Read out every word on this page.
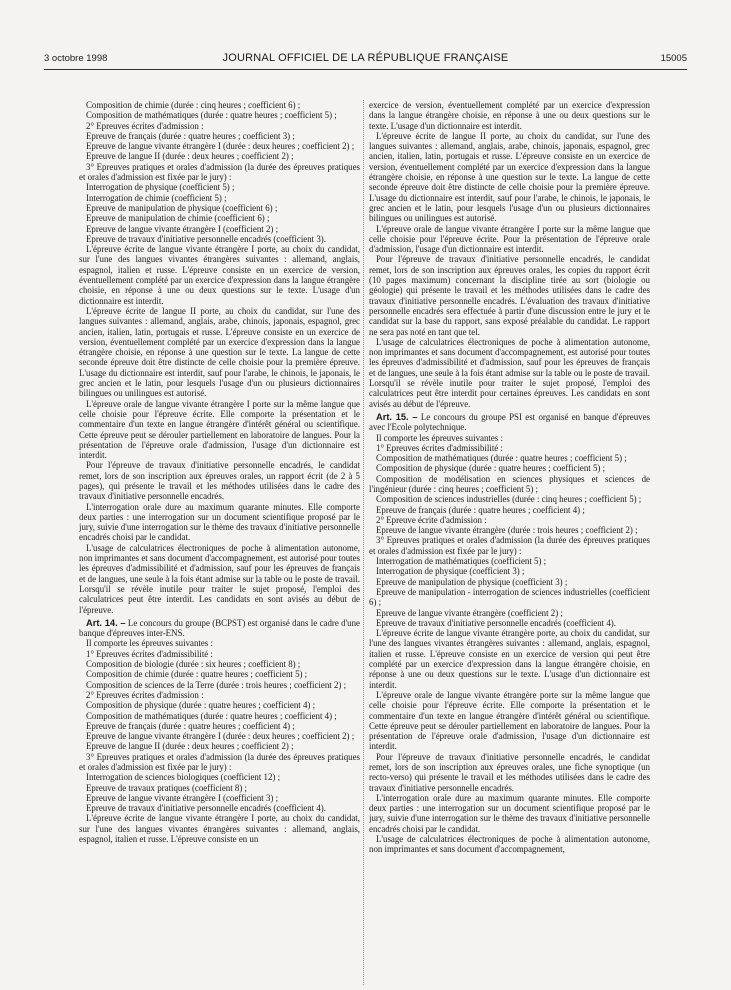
3 octobre 1998	JOURNAL OFFICIEL DE LA RÉPUBLIQUE FRANÇAISE	15005

Composition de chimie (durée : cinq heures ; coefficient 6) ;

Composition de mathématiques (durée : quatre heures ; coefficient 5) ;

2° Epreuves écrites d'admission :

Epreuve de français (durée : quatre heures ; coefficient 3) ;

Epreuve de langue vivante étrangère I (durée : deux heures ; coefficient 2) ;

Epreuve de langue II (durée : deux heures ; coefficient 2) ;

3° Epreuves pratiques et orales d'admission (la durée des épreuves pratiques et orales d'admission est fixée par le jury) :

Interrogation de physique (coefficient 5) ;

Interrogation de chimie (coefficient 5) ;

Epreuve de manipulation de physique (coefficient 6) ;

Epreuve de manipulation de chimie (coefficient 6) ;

Epreuve de langue vivante étrangère I (coefficient 2) ;

Epreuve de travaux d'initiative personnelle encadrés (coefficient 3).

L'épreuve écrite de langue vivante étrangère I porte, au choix du candidat, sur l'une des langues vivantes étrangères suivantes : allemand, anglais, espagnol, italien et russe. L'épreuve consiste en un exercice de version, éventuellement complété par un exercice d'expression dans la langue étrangère choisie, en réponse à une ou deux questions sur le texte. L'usage d'un dictionnaire est interdit.

L'épreuve écrite de langue II porte, au choix du candidat, sur l'une des langues suivantes : allemand, anglais, arabe, chinois, japonais, espagnol, grec ancien, italien, latin, portugais et russe. L'épreuve consiste en un exercice de version, éventuellement complété par un exercice d'expression dans la langue étrangère choisie, en réponse à une question sur le texte. La langue de cette seconde épreuve doit être distincte de celle choisie pour la première épreuve. L'usage du dictionnaire est interdit, sauf pour l'arabe, le chinois, le japonais, le grec ancien et le latin, pour lesquels l'usage d'un ou plusieurs dictionnaires bilingues ou unilingues est autorisé.

L'épreuve orale de langue vivante étrangère I porte sur la même langue que celle choisie pour l'épreuve écrite. Elle comporte la présentation et le commentaire d'un texte en langue étrangère d'intérêt général ou scientifique. Cette épreuve peut se dérouler partiellement en laboratoire de langues. Pour la présentation de l'épreuve orale d'admission, l'usage d'un dictionnaire est interdit.

Pour l'épreuve de travaux d'initiative personnelle encadrés, le candidat remet, lors de son inscription aux épreuves orales, un rapport écrit (de 2 à 5 pages), qui présente le travail et les méthodes utilisées dans le cadre des travaux d'initiative personnelle encadrés.

L'interrogation orale dure au maximum quarante minutes. Elle comporte deux parties : une interrogation sur un document scientifique proposé par le jury, suivie d'une interrogation sur le thème des travaux d'initiative personnelle encadrés choisi par le candidat.

L'usage de calculatrices électroniques de poche à alimentation autonome, non imprimantes et sans document d'accompagnement, est autorisé pour toutes les épreuves d'admissibilité et d'admission, sauf pour les épreuves de français et de langues, une seule à la fois étant admise sur la table ou le poste de travail. Lorsqu'il se révèle inutile pour traiter le sujet proposé, l'emploi des calculatrices peut être interdit. Les candidats en sont avisés au début de l'épreuve.

Art. 14. – Le concours du groupe (BCPST) est organisé dans le cadre d'une banque d'épreuves inter-ENS.

Il comporte les épreuves suivantes :

1° Epreuves écrites d'admissibilité :

Composition de biologie (durée : six heures ; coefficient 8) ;

Composition de chimie (durée : quatre heures ; coefficient 5) ;

Composition de sciences de la Terre (durée : trois heures ; coefficient 2) ;

2° Epreuves écrites d'admission :

Composition de physique (durée : quatre heures ; coefficient 4) ;

Composition de mathématiques (durée : quatre heures ; coefficient 4) ;

Epreuve de français (durée : quatre heures ; coefficient 4) ;

Epreuve de langue vivante étrangère I (durée : deux heures ; coefficient 2) ;

Epreuve de langue II (durée : deux heures ; coefficient 2) ;

3° Epreuves pratiques et orales d'admission (la durée des épreuves pratiques et orales d'admission est fixée par le jury) :

Interrogation de sciences biologiques (coefficient 12) ;

Epreuve de travaux pratiques (coefficient 8) ;

Epreuve de langue vivante étrangère I (coefficient 3) ;

Epreuve de travaux d'initiative personnelle encadrés (coefficient 4).

L'épreuve écrite de langue vivante étrangère I porte, au choix du candidat, sur l'une des langues vivantes étrangères suivantes : allemand, anglais, espagnol, italien et russe. L'épreuve consiste en un

exercice de version, éventuellement complété par un exercice d'expression dans la langue étrangère choisie, en réponse à une ou deux questions sur le texte. L'usage d'un dictionnaire est interdit.

L'épreuve écrite de langue II porte, au choix du candidat, sur l'une des langues suivantes : allemand, anglais, arabe, chinois, japonais, espagnol, grec ancien, italien, latin, portugais et russe. L'épreuve consiste en un exercice de version, éventuellement complété par un exercice d'expression dans la langue étrangère choisie, en réponse à une question sur le texte. La langue de cette seconde épreuve doit être distincte de celle choisie pour la première épreuve. L'usage du dictionnaire est interdit, sauf pour l'arabe, le chinois, le japonais, le grec ancien et le latin, pour lesquels l'usage d'un ou plusieurs dictionnaires bilingues ou unilingues est autorisé.

L'épreuve orale de langue vivante étrangère I porte sur la même langue que celle choisie pour l'épreuve écrite. Pour la présentation de l'épreuve orale d'admission, l'usage d'un dictionnaire est interdit.

Pour l'épreuve de travaux d'initiative personnelle encadrés, le candidat remet, lors de son inscription aux épreuves orales, les copies du rapport écrit (10 pages maximum) concernant la discipline tirée au sort (biologie ou géologie) qui présente le travail et les méthodes utilisées dans le cadre des travaux d'initiative personnelle encadrés. L'évaluation des travaux d'initiative personnelle encadrés sera effectuée à partir d'une discussion entre le jury et le candidat sur la base du rapport, sans exposé préalable du candidat. Le rapport ne sera pas noté en tant que tel.

L'usage de calculatrices électroniques de poche à alimentation autonome, non imprimantes et sans document d'accompagnement, est autorisé pour toutes les épreuves d'admissibilité et d'admission, sauf pour les épreuves de français et de langues, une seule à la fois étant admise sur la table ou le poste de travail. Lorsqu'il se révèle inutile pour traiter le sujet proposé, l'emploi des calculatrices peut être interdit pour certaines épreuves. Les candidats en sont avisés au début de l'épreuve.

Art. 15. – Le concours du groupe PSI est organisé en banque d'épreuves avec l'Ecole polytechnique.

Il comporte les épreuves suivantes :

1° Epreuves écrites d'admissibilité :

Composition de mathématiques (durée : quatre heures ; coefficient 5) ;

Composition de physique (durée : quatre heures ; coefficient 5) ;

Composition de modélisation en sciences physiques et sciences de l'ingénieur (durée : cinq heures ; coefficient 5) ;

Composition de sciences industrielles (durée : cinq heures ; coefficient 5) ;

Epreuve de français (durée : quatre heures ; coefficient 4) ;

2° Epreuve écrite d'admission :

Epreuve de langue vivante étrangère (durée : trois heures ; coefficient 2) ;

3° Epreuves pratiques et orales d'admission (la durée des épreuves pratiques et orales d'admission est fixée par le jury) :

Interrogation de mathématiques (coefficient 5) ;

Interrogation de physique (coefficient 3) ;

Epreuve de manipulation de physique (coefficient 3) ;

Epreuve de manipulation - interrogation de sciences industrielles (coefficient 6) ;

Epreuve de langue vivante étrangère (coefficient 2) ;

Epreuve de travaux d'initiative personnelle encadrés (coefficient 4).

L'épreuve écrite de langue vivante étrangère porte, au choix du candidat, sur l'une des langues vivantes étrangères suivantes : allemand, anglais, espagnol, italien et russe. L'épreuve consiste en un exercice de version qui peut être complété par un exercice d'expression dans la langue étrangère choisie, en réponse à une ou deux questions sur le texte. L'usage d'un dictionnaire est interdit.

L'épreuve orale de langue vivante étrangère porte sur la même langue que celle choisie pour l'épreuve écrite. Elle comporte la présentation et le commentaire d'un texte en langue étrangère d'intérêt général ou scientifique. Cette épreuve peut se dérouler partiellement en laboratoire de langues. Pour la présentation de l'épreuve orale d'admission, l'usage d'un dictionnaire est interdit.

Pour l'épreuve de travaux d'initiative personnelle encadrés, le candidat remet, lors de son inscription aux épreuves orales, une fiche synoptique (un recto-verso) qui présente le travail et les méthodes utilisées dans le cadre des travaux d'initiative personnelle encadrés.

L'interrogation orale dure au maximum quarante minutes. Elle comporte deux parties : une interrogation sur un document scientifique proposé par le jury, suivie d'une interrogation sur le thème des travaux d'initiative personnelle encadrés choisi par le candidat.

L'usage de calculatrices électroniques de poche à alimentation autonome, non imprimantes et sans document d'accompagnement,
